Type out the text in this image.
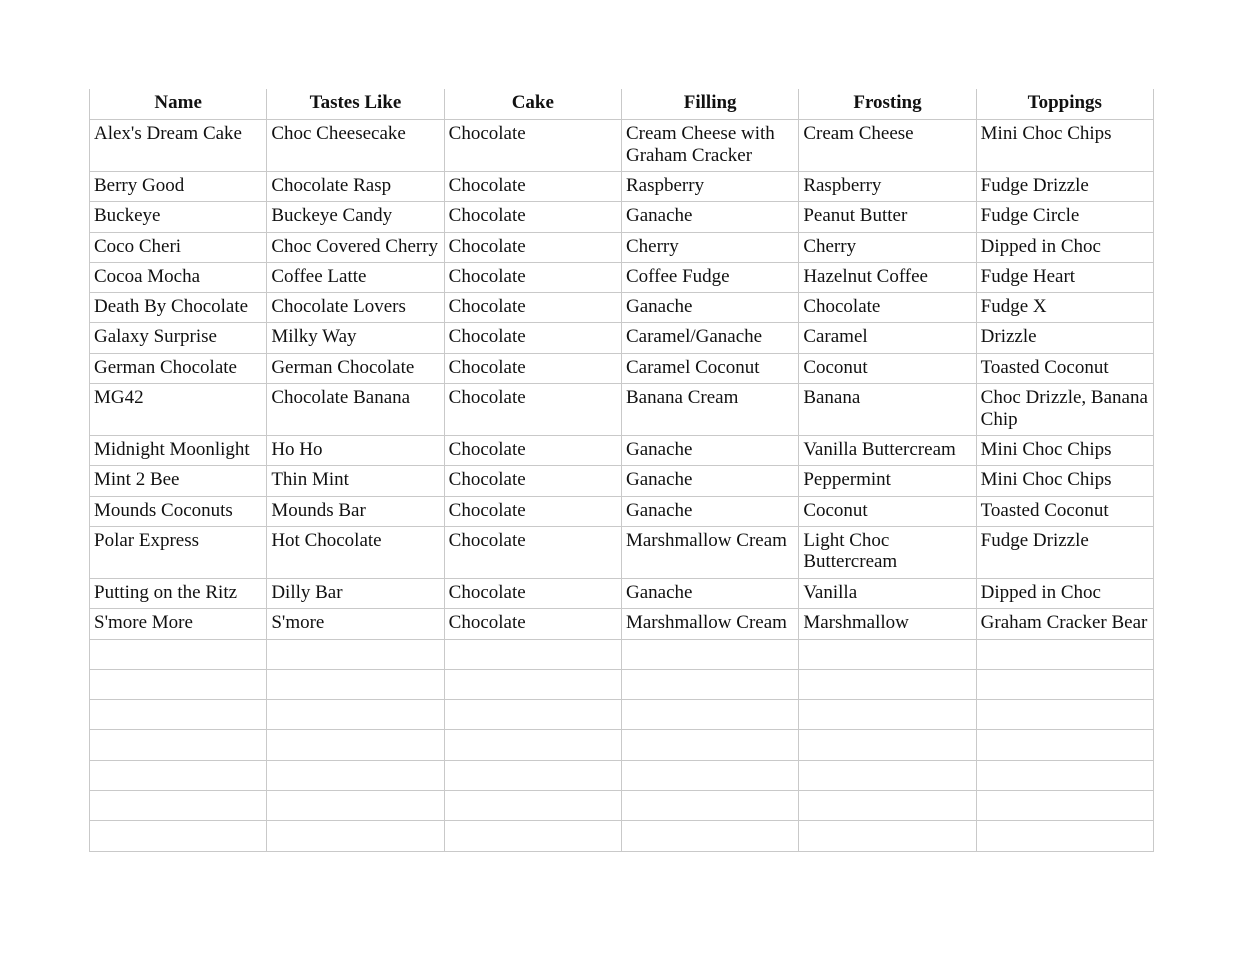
Name	Tastes Like	Cake	Filling	Frosting	Toppings
Alex's Dream Cake	Choc Cheesecake	Chocolate	Cream Cheese with Graham Cracker	Cream Cheese	Mini Choc Chips
Berry Good	Chocolate Rasp	Chocolate	Raspberry	Raspberry	Fudge Drizzle
Buckeye	Buckeye Candy	Chocolate	Ganache	Peanut Butter	Fudge Circle
Coco Cheri	Choc Covered Cherry	Chocolate	Cherry	Cherry	Dipped in Choc
Cocoa Mocha	Coffee Latte	Chocolate	Coffee Fudge	Hazelnut Coffee	Fudge Heart
Death By Chocolate	Chocolate Lovers	Chocolate	Ganache	Chocolate	Fudge X
Galaxy Surprise	Milky Way	Chocolate	Caramel/Ganache	Caramel	Drizzle
German Chocolate	German Chocolate	Chocolate	Caramel Coconut	Coconut	Toasted Coconut
MG42	Chocolate Banana	Chocolate	Banana Cream	Banana	Choc Drizzle, Banana Chip
Midnight Moonlight	Ho Ho	Chocolate	Ganache	Vanilla Buttercream	Mini Choc Chips
Mint 2 Bee	Thin Mint	Chocolate	Ganache	Peppermint	Mini Choc Chips
Mounds Coconuts	Mounds Bar	Chocolate	Ganache	Coconut	Toasted Coconut
Polar Express	Hot Chocolate	Chocolate	Marshmallow Cream	Light Choc Buttercream	Fudge Drizzle
Putting on the Ritz	Dilly Bar	Chocolate	Ganache	Vanilla	Dipped in Choc
S'more More	S'more	Chocolate	Marshmallow Cream	Marshmallow	Graham Cracker Bear
